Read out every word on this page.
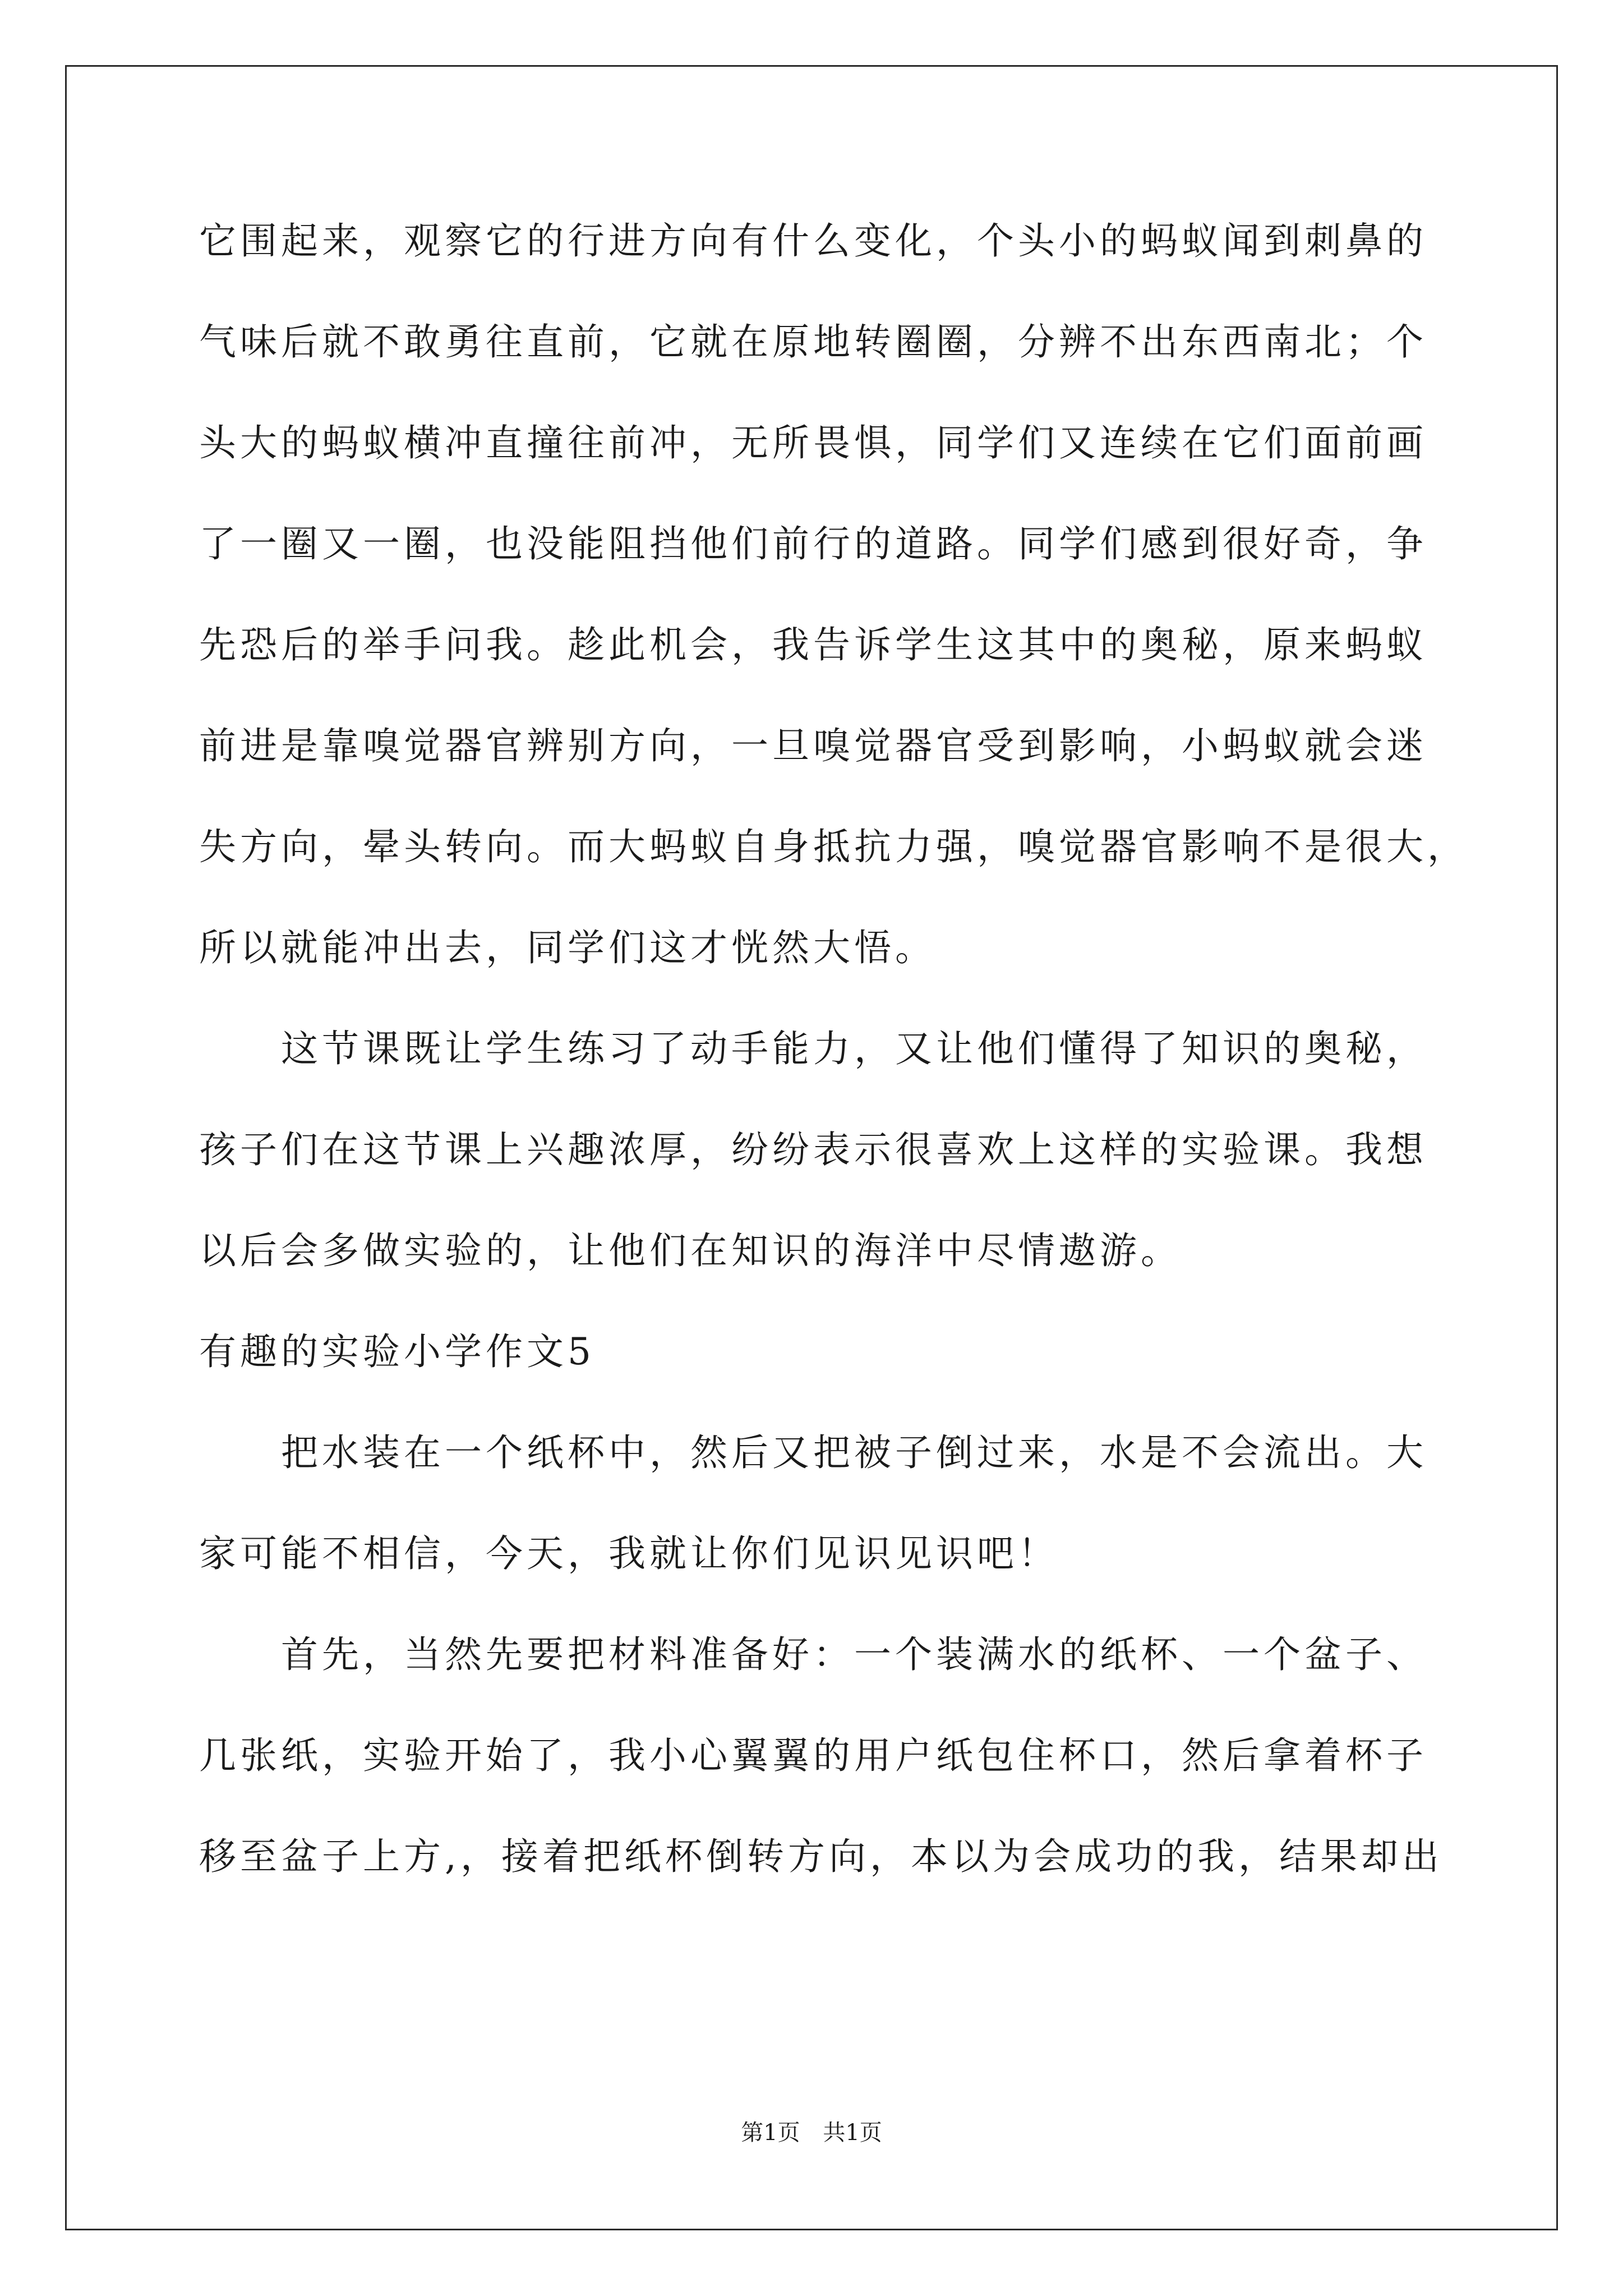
它围起来，观察它的行进方向有什么变化，个头小的蚂蚁闻到刺鼻的
气味后就不敢勇往直前，它就在原地转圈圈，分辨不出东西南北；个
头大的蚂蚁横冲直撞往前冲，无所畏惧，同学们又连续在它们面前画
了一圈又一圈，也没能阻挡他们前行的道路。同学们感到很好奇，争
先恐后的举手问我。趁此机会，我告诉学生这其中的奥秘，原来蚂蚁
前进是靠嗅觉器官辨别方向，一旦嗅觉器官受到影响，小蚂蚁就会迷
失方向，晕头转向。而大蚂蚁自身抵抗力强，嗅觉器官影响不是很大，
所以就能冲出去，同学们这才恍然大悟。
这节课既让学生练习了动手能力，又让他们懂得了知识的奥秘，
孩子们在这节课上兴趣浓厚，纷纷表示很喜欢上这样的实验课。我想
以后会多做实验的，让他们在知识的海洋中尽情遨游。
有趣的实验小学作文5
把水装在一个纸杯中，然后又把被子倒过来，水是不会流出。大
家可能不相信，今天，我就让你们见识见识吧！
首先，当然先要把材料准备好：一个装满水的纸杯、一个盆子、
几张纸，实验开始了，我小心翼翼的用户纸包住杯口，然后拿着杯子
移至盆子上方,，接着把纸杯倒转方向，本以为会成功的我，结果却出
第1页 共1页
